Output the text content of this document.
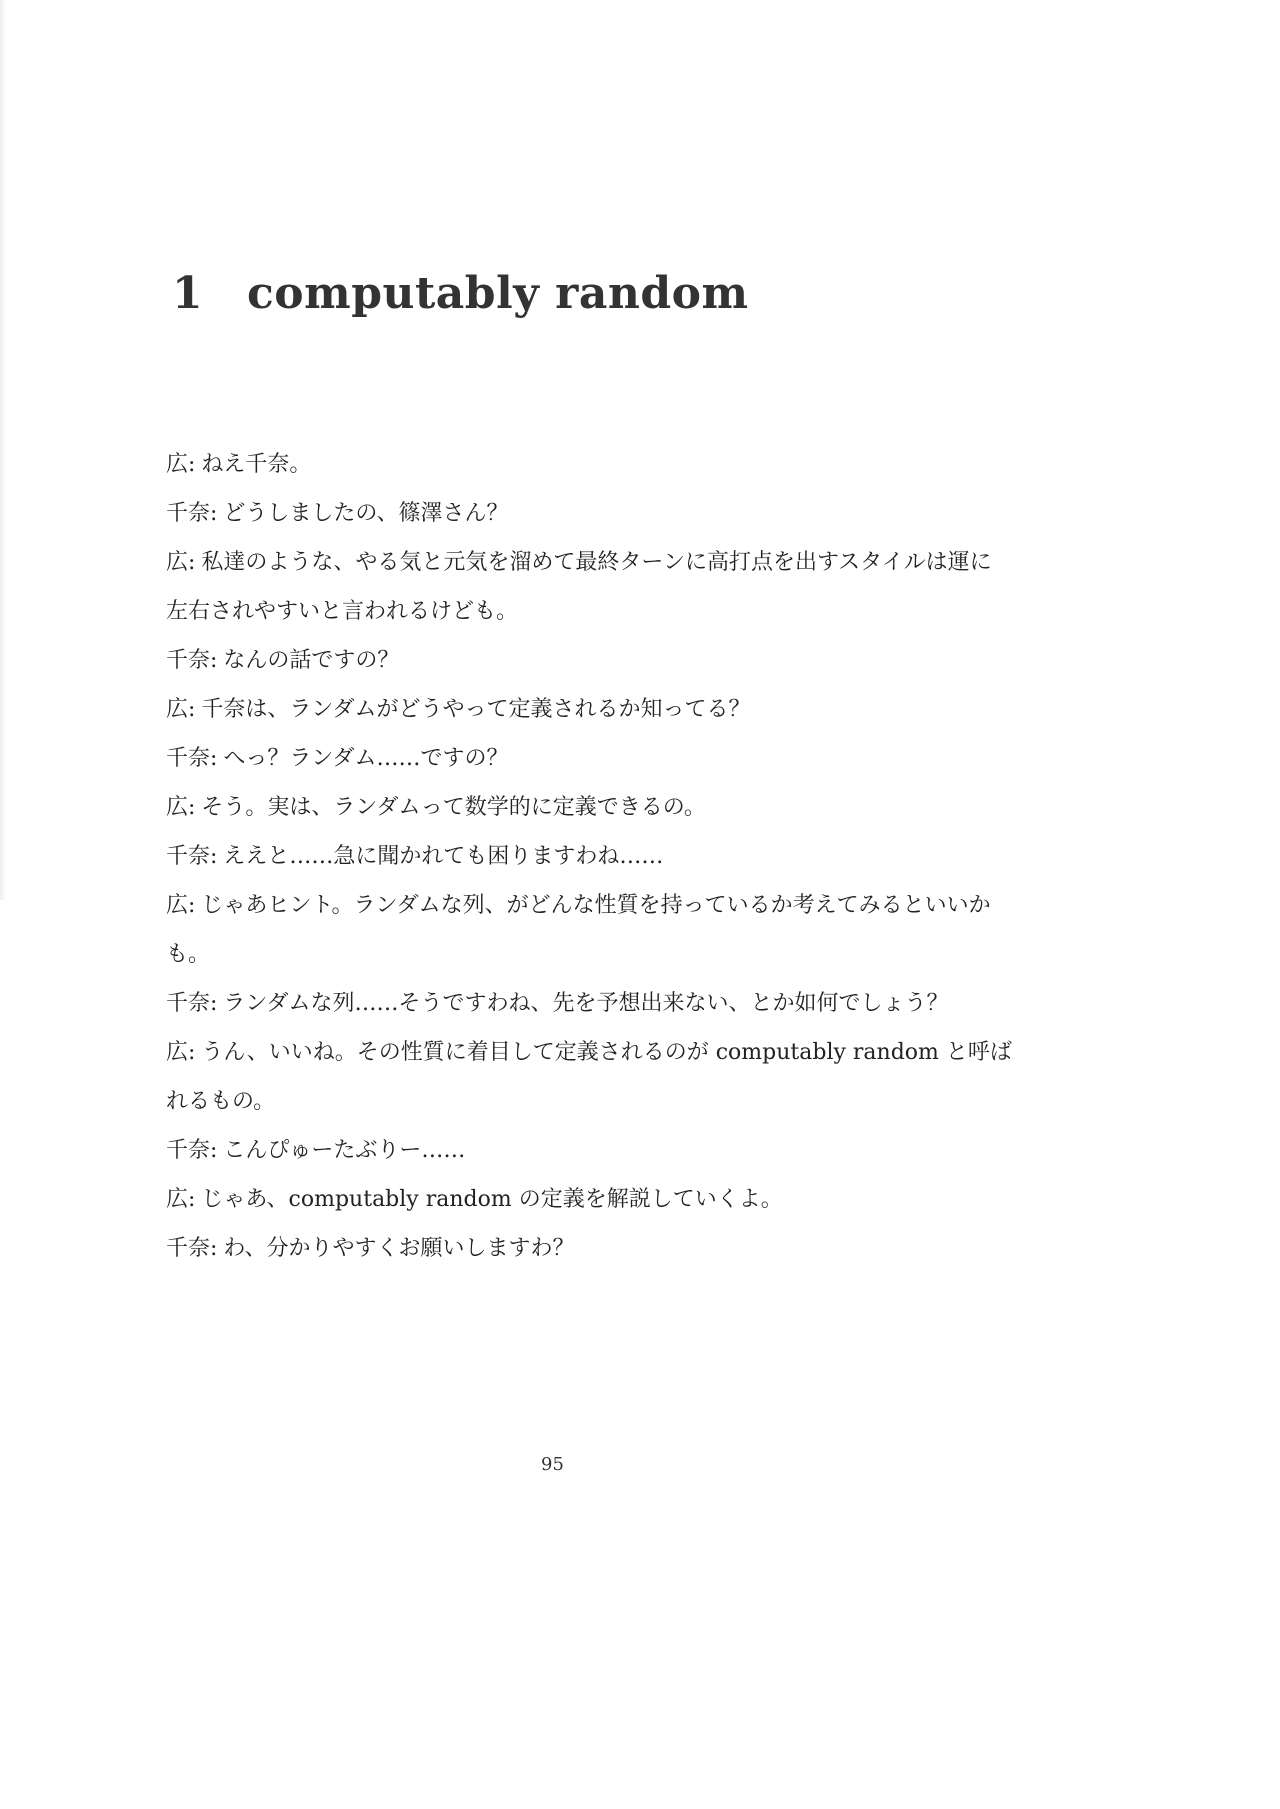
1 computably random
広: ねえ千奈。
千奈: どうしましたの、篠澤さん？
広: 私達のような、やる気と元気を溜めて最終ターンに高打点を出すスタイルは運に
左右されやすいと言われるけども。
千奈: なんの話ですの？
広: 千奈は、ランダムがどうやって定義されるか知ってる？
千奈: へっ？ランダム……ですの？
広: そう。実は、ランダムって数学的に定義できるの。
千奈: ええと……急に聞かれても困りますわね……
広: じゃあヒント。ランダムな列、がどんな性質を持っているか考えてみるといいか
も。
千奈: ランダムな列……そうですわね、先を予想出来ない、とか如何でしょう？
広: うん、いいね。その性質に着目して定義されるのが computably random と呼ば
れるもの。
千奈: こんぴゅーたぶりー……
広: じゃあ、computably random の定義を解説していくよ。
千奈: わ、分かりやすくお願いしますわ？
95
